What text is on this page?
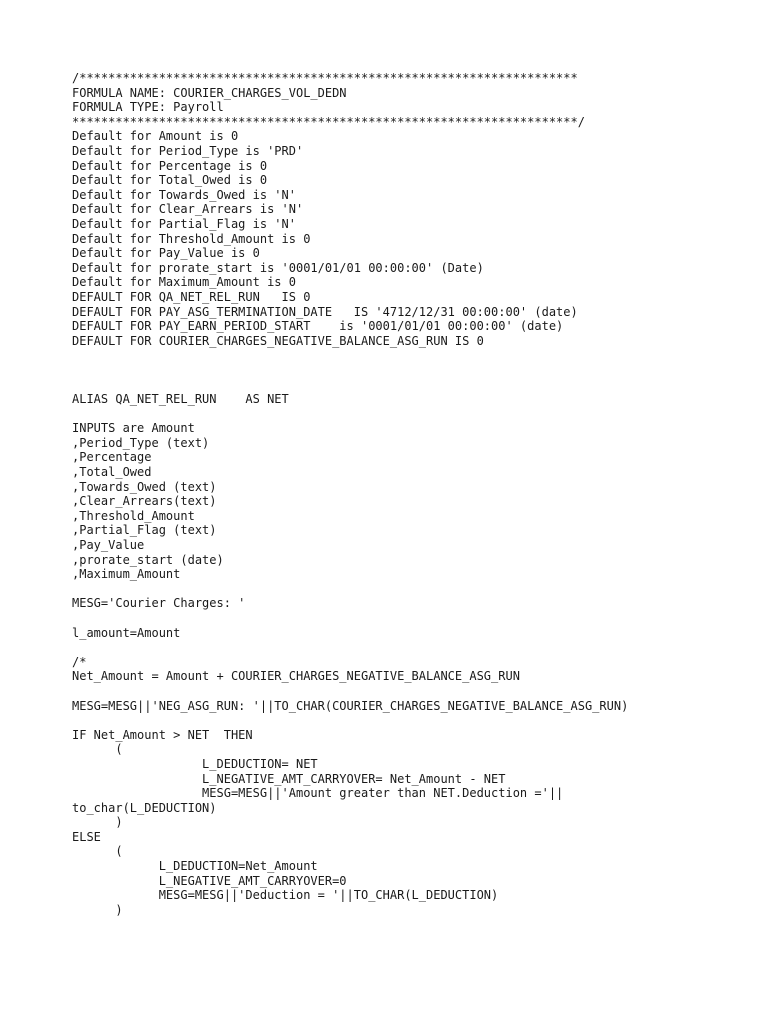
/*********************************************************************
FORMULA NAME: COURIER_CHARGES_VOL_DEDN
FORMULA TYPE: Payroll
**********************************************************************/
Default for Amount is 0
Default for Period_Type is 'PRD'
Default for Percentage is 0
Default for Total_Owed is 0
Default for Towards_Owed is 'N'
Default for Clear_Arrears is 'N'
Default for Partial_Flag is 'N'
Default for Threshold_Amount is 0
Default for Pay_Value is 0
Default for prorate_start is '0001/01/01 00:00:00' (Date)
Default for Maximum_Amount is 0
DEFAULT FOR QA_NET_REL_RUN   IS 0
DEFAULT FOR PAY_ASG_TERMINATION_DATE   IS '4712/12/31 00:00:00' (date)
DEFAULT FOR PAY_EARN_PERIOD_START    is '0001/01/01 00:00:00' (date)
DEFAULT FOR COURIER_CHARGES_NEGATIVE_BALANCE_ASG_RUN IS 0
ALIAS QA_NET_REL_RUN    AS NET
INPUTS are Amount
,Period_Type (text)
,Percentage
,Total_Owed
,Towards_Owed (text)
,Clear_Arrears(text)
,Threshold_Amount
,Partial_Flag (text)
,Pay_Value
,prorate_start (date)
,Maximum_Amount
MESG='Courier Charges: '
l_amount=Amount
/*
Net_Amount = Amount + COURIER_CHARGES_NEGATIVE_BALANCE_ASG_RUN
MESG=MESG||'NEG_ASG_RUN: '||TO_CHAR(COURIER_CHARGES_NEGATIVE_BALANCE_ASG_RUN)
IF Net_Amount > NET  THEN
(
L_DEDUCTION= NET
L_NEGATIVE_AMT_CARRYOVER= Net_Amount - NET
MESG=MESG||'Amount greater than NET.Deduction ='||
to_char(L_DEDUCTION)
)
ELSE
(
L_DEDUCTION=Net_Amount
L_NEGATIVE_AMT_CARRYOVER=0
MESG=MESG||'Deduction = '||TO_CHAR(L_DEDUCTION)
)
